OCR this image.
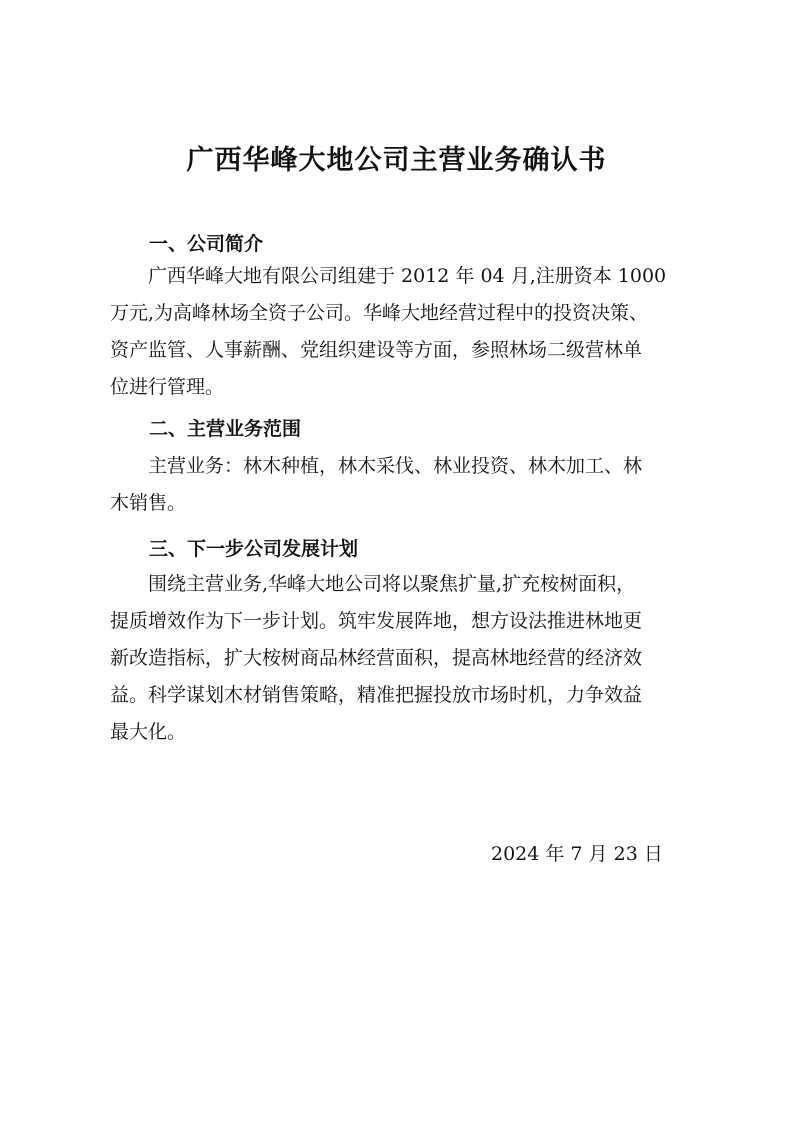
广西华峰大地公司主营业务确认书
一、公司简介
广西华峰大地有限公司组建于 2012 年 04 月,注册资本 1000
万元,为高峰林场全资子公司。华峰大地经营过程中的投资决策、
资产监管、人事薪酬、党组织建设等方面，参照林场二级营林单
位进行管理。
二、主营业务范围
主营业务：林木种植，林木采伐、林业投资、林木加工、林
木销售。
三、下一步公司发展计划
围绕主营业务,华峰大地公司将以聚焦扩量,扩充桉树面积，
提质增效作为下一步计划。筑牢发展阵地，想方设法推进林地更
新改造指标，扩大桉树商品林经营面积，提高林地经营的经济效
益。科学谋划木材销售策略，精准把握投放市场时机，力争效益
最大化。

2024 年 7 月 23 日
